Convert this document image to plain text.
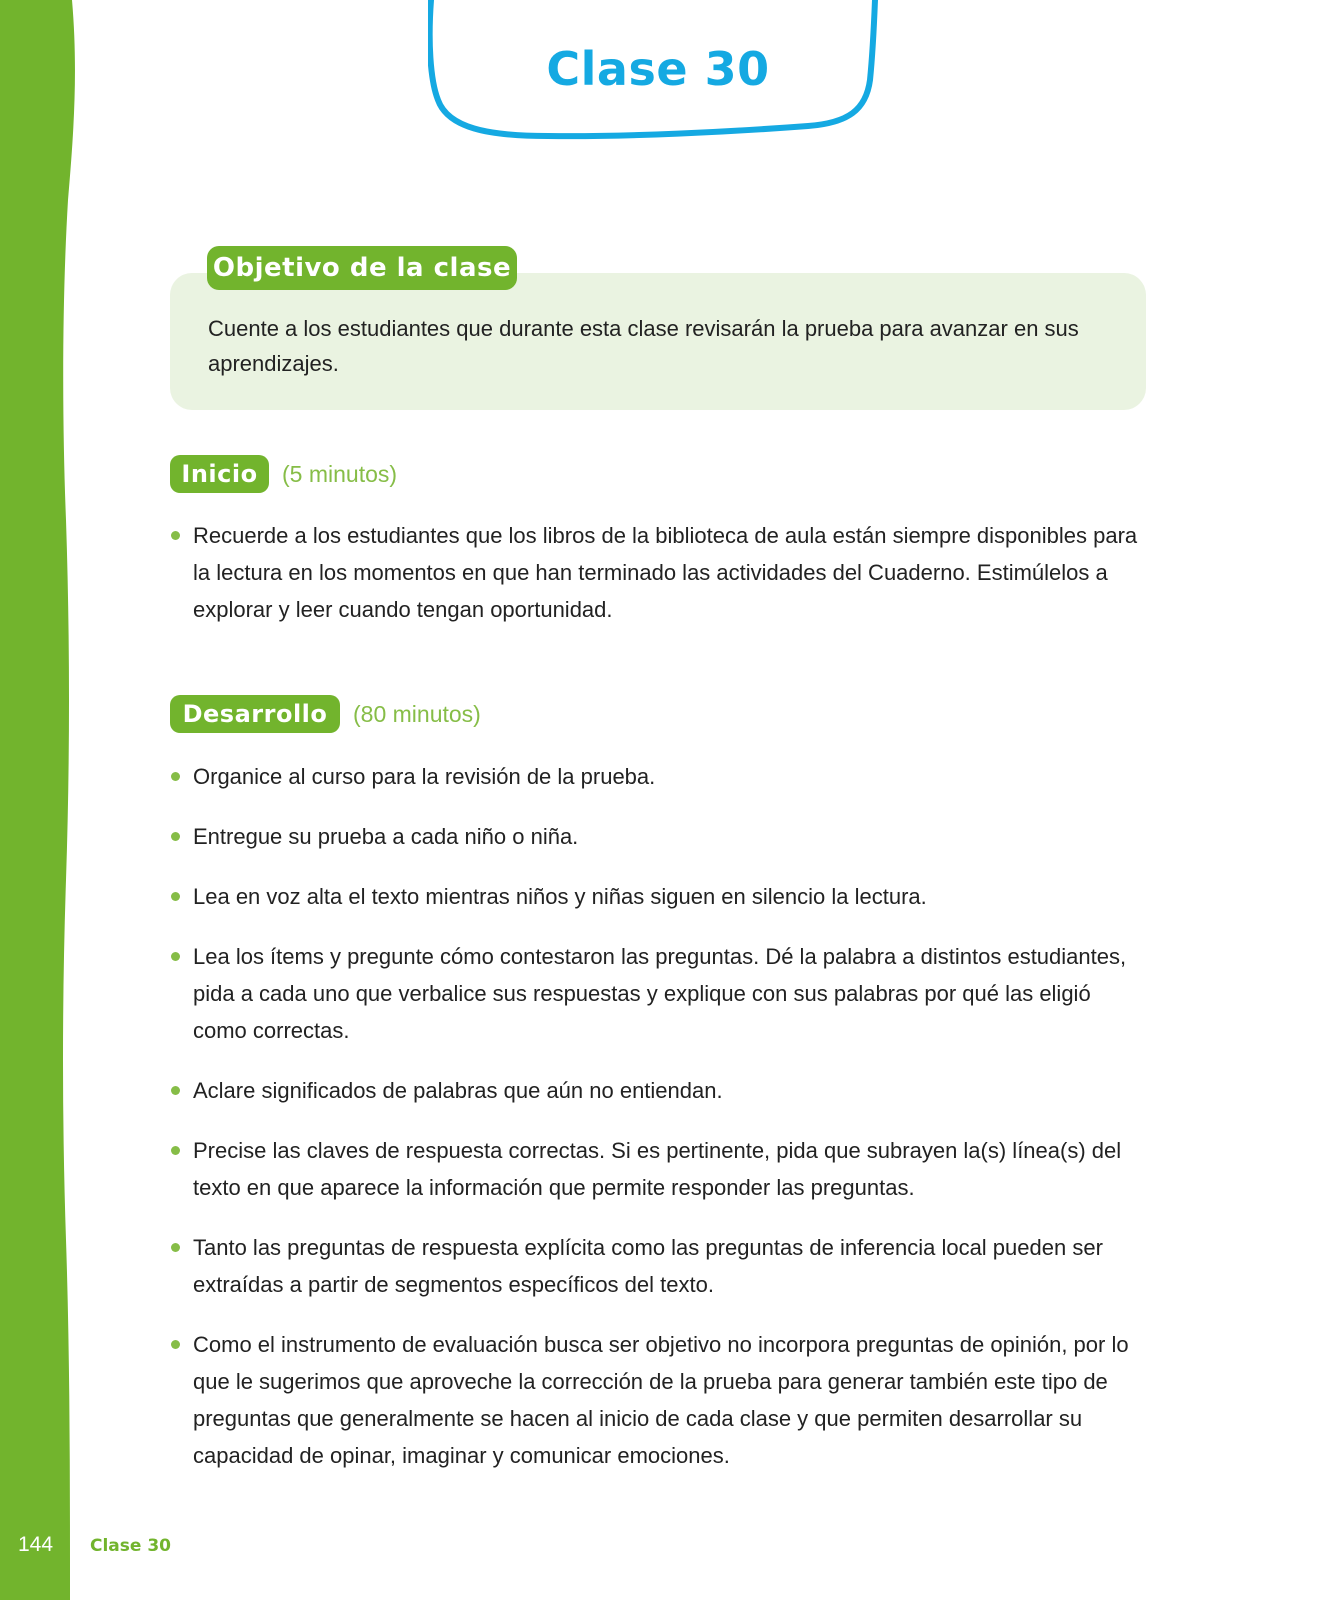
Clase 30
Objetivo de la clase
Cuente a los estudiantes que durante esta clase revisarán la prueba para avanzar en sus aprendizajes.
Inicio	(5 minutos)
Recuerde a los estudiantes que los libros de la biblioteca de aula están siempre disponibles para la lectura en los momentos en que han terminado las actividades del Cuaderno. Estimúlelos a explorar y leer cuando tengan oportunidad.
Desarrollo	(80 minutos)
Organice al curso para la revisión de la prueba.
Entregue su prueba a cada niño o niña.
Lea en voz alta el texto mientras niños y niñas siguen en silencio la lectura.
Lea los ítems y pregunte cómo contestaron las preguntas. Dé la palabra a distintos estudiantes, pida a cada uno que verbalice sus respuestas y explique con sus palabras por qué las eligió como correctas.
Aclare significados de palabras que aún no entiendan.
Precise las claves de respuesta correctas. Si es pertinente, pida que subrayen la(s) línea(s) del texto en que aparece la información que permite responder las preguntas.
Tanto las preguntas de respuesta explícita como las preguntas de inferencia local pueden ser extraídas a partir de segmentos específicos del texto.
Como el instrumento de evaluación busca ser objetivo no incorpora preguntas de opinión, por lo que le sugerimos que aproveche la corrección de la prueba para generar también este tipo de preguntas que generalmente se hacen al inicio de cada clase y que permiten desarrollar su capacidad de opinar, imaginar y comunicar emociones.
144 Clase 30
